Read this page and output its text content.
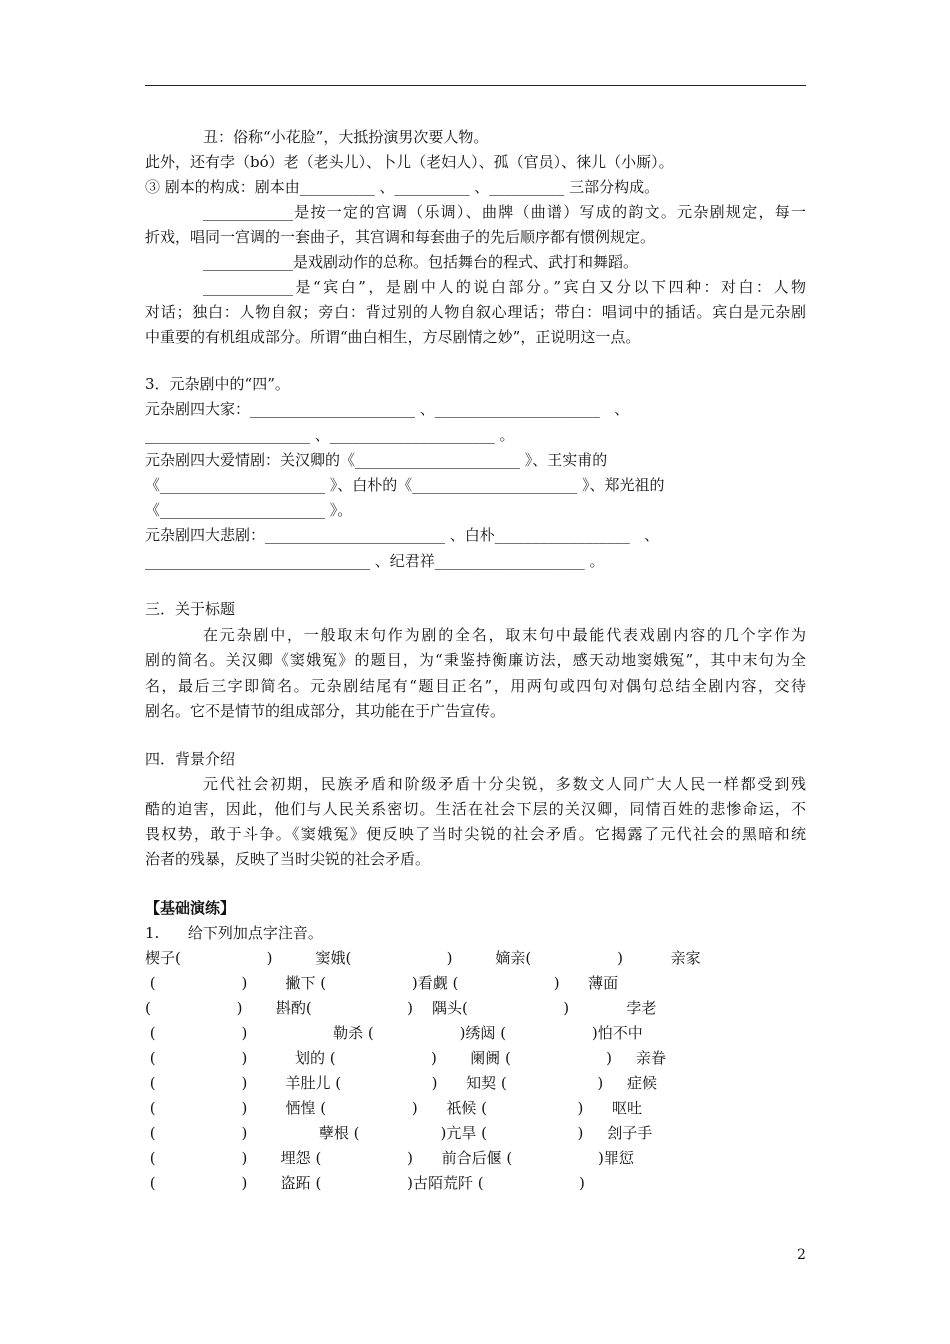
丑：俗称“小花脸”，大抵扮演男次要人物。
此外，还有孛（bó）老（老头儿）、卜儿（老妇人）、孤（官员）、徕儿（小厮）。
③ 剧本的构成：剧本由__________ 、__________ 、__________ 三部分构成。
____________是按一定的宫调（乐调）、曲牌（曲谱）写成的韵文。元杂剧规定，每一
折戏，唱同一宫调的一套曲子，其宫调和每套曲子的先后顺序都有惯例规定。
____________是戏剧动作的总称。包括舞台的程式、武打和舞蹈。
____________是“宾白”，是剧中人的说白部分。”宾白又分以下四种：对白：人物
对话；独白：人物自叙；旁白：背过别的人物自叙心理话；带白：唱词中的插话。宾白是元杂剧
中重要的有机组成部分。所谓“曲白相生，方尽剧情之妙”，正说明这一点。
3．元杂剧中的“四”。
元杂剧四大家：______________________ 、______________________   、
______________________ 、______________________ 。
元杂剧四大爱情剧：关汉卿的《______________________ 》、王实甫的
《______________________ 》、白朴的《______________________ 》、郑光祖的
《______________________ 》。
元杂剧四大悲剧：________________________ 、白朴__________________   、
______________________________ 、纪君祥____________________ 。
三．关于标题
在元杂剧中，一般取末句作为剧的全名，取末句中最能代表戏剧内容的几个字作为
剧的简名。关汉卿《窦娥冤》的题目，为“秉鉴持衡廉访法，感天动地窦娥冤”，其中末句为全
名，最后三字即简名。元杂剧结尾有“题目正名”，用两句或四句对偶句总结全剧内容，交待
剧名。它不是情节的组成部分，其功能在于广告宣传。
四．背景介绍
元代社会初期，民族矛盾和阶级矛盾十分尖锐，多数文人同广大人民一样都受到残
酷的迫害，因此，他们与人民关系密切。生活在社会下层的关汉卿，同情百姓的悲惨命运，不
畏权势，敢于斗争。《窦娥冤》便反映了当时尖锐的社会矛盾。它揭露了元代社会的黑暗和统
治者的残暴，反映了当时尖锐的社会矛盾。
【基础演练】
1.      给下列加点字注音。
楔子(                  )         窦娥(                    )         嫡亲(                  )          亲家
(                  )        撇下 (                  )看觑 (                    )      薄面
(                  )       斟酌(                    )    隅头(                    )            孛老
(                  )                  勒杀 (                  )绣闼 (                  )怕不中
(                  )          划的 (                    )       阑阓 (                    )     亲眷
(                  )        羊肚儿 (                   )      知契 (                   )     症候
(                  )        恓惶 (                  )      祇候 (                   )      呕吐
(                  )               孽根 (                 )亢旱 (                   )     刽子手
(                  )       埋怨 (                  )      前合后偃 (                  )罪愆
(                  )       盗跖 (                  )古陌荒阡 (                    )
2
